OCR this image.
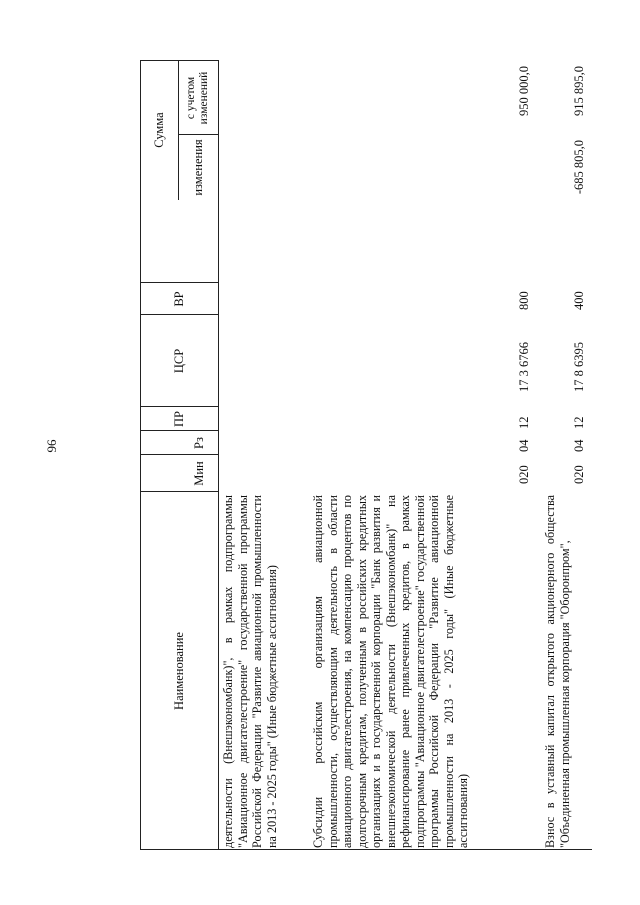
96
Наименование
Мин
Рз
ПР
ЦСР
ВР
Сумма
изменения
с учетом изменений
деятельности (Внешэкономбанк)", в рамках подпрограммы "Авиационное двигателестроение" государственной программы Российской Федерации "Развитие авиационной промышленности на 2013 - 2025 годы" (Иные бюджетные ассигнования)	Субсидии российским организациям авиационной промышленности, осуществляющим деятельность в области авиационного двигателестроения, на компенсацию процентов по долгосрочным кредитам, полученным в российских кредитных организациях и в государственной корпорации "Банк развития и внешнеэкономической деятельности (Внешэкономбанк)" на рефинансирование ранее привлеченных кредитов, в рамках подпрограммы "Авиационное двигателестроение" государственной программы Российской Федерации "Развитие авиационной промышленности на 2013 - 2025 годы" (Иные бюджетные ассигнования)
020
04
12
17 3 6766
800
950 000,0
Взнос в уставный капитал открытого акционерного общества "Объединенная промышленная корпорация "Оборонпром",
020
04
12
17 8 6395
400
-685 805,0
915 895,0
